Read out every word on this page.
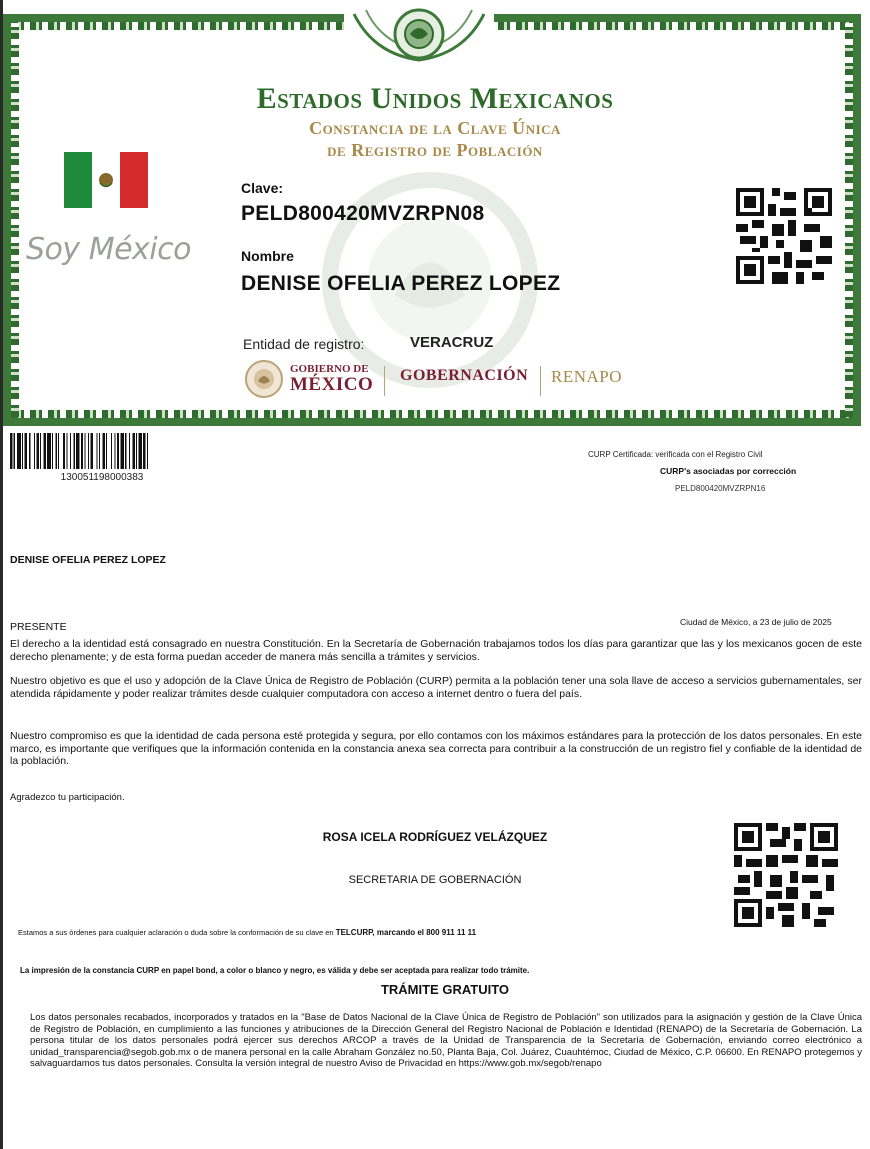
Estados Unidos Mexicanos
Constancia de la Clave Única
de Registro de Población
Soy México
Clave:
PELD800420MVZRPN08
Nombre
DENISE OFELIA PEREZ LOPEZ
Entidad de registro:	VERACRUZ
GOBIERNO DE
MÉXICO GOBERNACIÓN RENAPO
130051198000383
CURP Certificada: verificada con el Registro Civil
CURP's asociadas por corrección
PELD800420MVZRPN16
DENISE OFELIA PEREZ LOPEZ
PRESENTE	Ciudad de México, a 23 de julio de 2025
El derecho a la identidad está consagrado en nuestra Constitución. En la Secretaría de Gobernación trabajamos todos los días para garantizar que las y los mexicanos gocen de este derecho plenamente; y de esta forma puedan acceder de manera más sencilla a trámites y servicios.
Nuestro objetivo es que el uso y adopción de la Clave Única de Registro de Población (CURP) permita a la población tener una sola llave de acceso a servicios gubernamentales, ser atendida rápidamente y poder realizar trámites desde cualquier computadora con acceso a internet dentro o fuera del país.
Nuestro compromiso es que la identidad de cada persona esté protegida y segura, por ello contamos con los máximos estándares para la protección de los datos personales. En este marco, es importante que verifiques que la información contenida en la constancia anexa sea correcta para contribuir a la construcción de un registro fiel y confiable de la identidad de la población.
Agradezco tu participación.
ROSA ICELA RODRÍGUEZ VELÁZQUEZ
SECRETARIA DE GOBERNACIÓN
Estamos a sus órdenes para cualquier aclaración o duda sobre la conformación de su clave en TELCURP, marcando el 800 911 11 11
La impresión de la constancia CURP en papel bond, a color o blanco y negro, es válida y debe ser aceptada para realizar todo trámite.
TRÁMITE GRATUITO
Los datos personales recabados, incorporados y tratados en la "Base de Datos Nacional de la Clave Única de Registro de Población" son utilizados para la asignación y gestión de la Clave Única de Registro de Población, en cumplimiento a las funciones y atribuciones de la Dirección General del Registro Nacional de Población e Identidad (RENAPO) de la Secretaría de Gobernación. La persona titular de los datos personales podrá ejercer sus derechos ARCOP a través de la Unidad de Transparencia de la Secretaría de Gobernación, enviando correo electrónico a unidad_transparencia@segob.gob.mx o de manera personal en la calle Abraham González no.50, Planta Baja, Col. Juárez, Cuauhtémoc, Ciudad de México, C.P. 06600. En RENAPO protegemos y salvaguardamos tus datos personales. Consulta la versión integral de nuestro Aviso de Privacidad en https://www.gob.mx/segob/renapo
